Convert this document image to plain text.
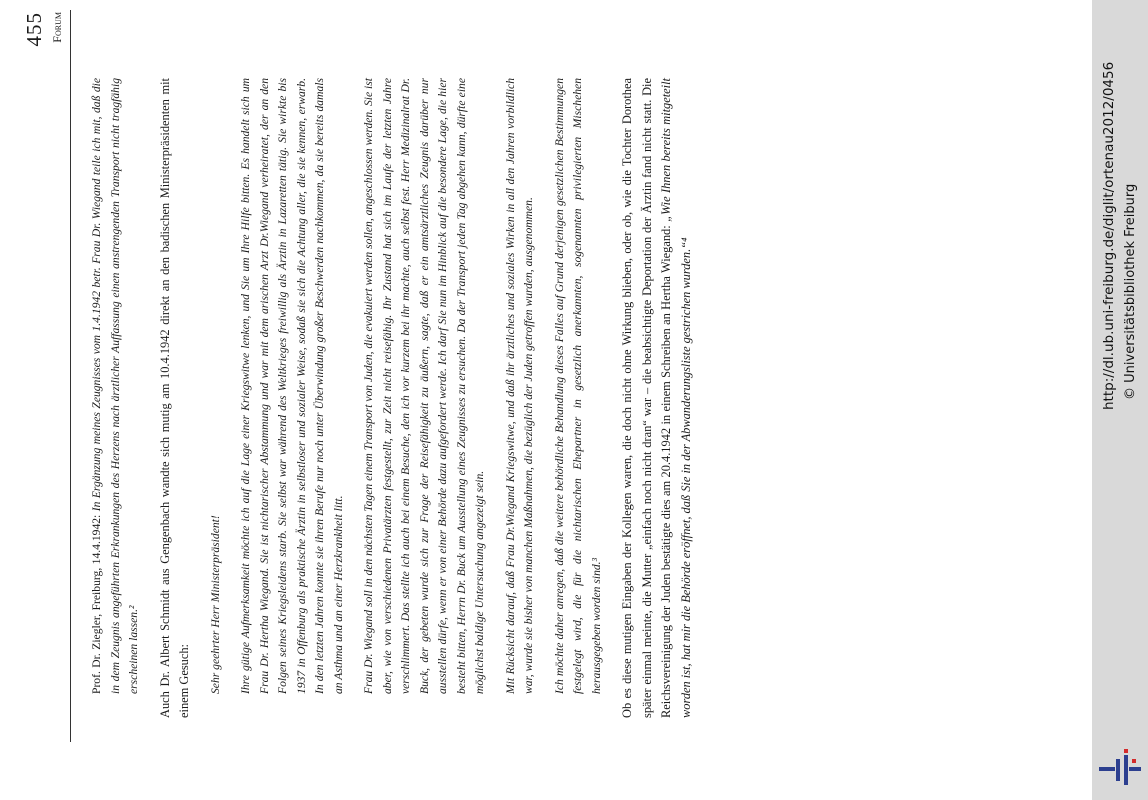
455 Forum

Prof. Dr. Ziegler, Freiburg, 14.4.1942: In Ergänzung meines Zeugnisses vom 1.4.1942 betr. Frau Dr. Wiegand teile ich mit, daß die in dem Zeugnis angeführten Erkrankungen des Herzens nach ärztlicher Auffassung einen anstrengenden Transport nicht tragfähig erscheinen lassen.² Auch Dr. Albert Schmidt aus Gengenbach wandte sich mutig am 10.4.1942 direkt an den badischen Ministerpräsidenten mit einem Gesuch:	Sehr geehrter Herr Ministerpräsident!	Ihre gütige Aufmerksamkeit möchte ich auf die Lage einer Kriegswitwe lenken, und Sie um Ihre Hilfe bitten. Es handelt sich um Frau Dr. Hertha Wiegand. Sie ist nichtarischer Abstammung und war mit dem arischen Arzt Dr.Wiegand verheiratet, der an den Folgen seines Kriegsleidens starb. Sie selbst war während des Weltkrieges freiwillig als Ärztin in Lazaretten tätig. Sie wirkte bis 1937 in Offenburg als praktische Ärztin in selbstloser und sozialer Weise, sodaß sie sich die Achtung aller, die sie kennen, erwarb. In den letzten Jahren konnte sie ihren Berufe nur noch unter Überwindung großer Beschwerden nachkommen, da sie bereits damals an Asthma und an einer Herzkrankheit litt.	Frau Dr. Wiegand soll in den nächsten Tagen einem Transport von Juden, die evakuiert werden sollen, angeschlossen werden. Sie ist aber, wie von verschiedenen Privatärzten festgestellt, zur Zeit nicht reisefähig. Ihr Zustand hat sich im Laufe der letzten Jahre verschlimmert. Das stellte ich auch bei einem Besuche, den ich vor kurzem bei ihr machte, auch selbst fest. Herr Medizinalrat Dr. Buck, der gebeten wurde sich zur Frage der Reisefähigkeit zu äußern, sagte, daß er ein amtsärztliches Zeugnis darüber nur ausstellen dürfe, wenn er von einer Behörde dazu aufgefordert werde. Ich darf Sie nun im Hinblick auf die besondere Lage, die hier besteht bitten, Herrn Dr. Buck um Ausstellung eines Zeugnisses zu ersuchen. Da der Transport jeden Tag abgehen kann, dürfte eine möglichst baldige Untersuchung angezeigt sein.	Mit Rücksicht darauf, daß Frau Dr.Wiegand Kriegswitwe, und daß ihr ärztliches und soziales Wirken in all den Jahren vorbildlich war, wurde sie bisher von manchen Maßnahmen, die bezüglich der Juden getroffen wurden, ausgenommen.	Ich möchte daher anregen, daß die weitere behördliche Behandlung dieses Falles auf Grund derjenigen gesetzlichen Bestimmungen festgelegt wird, die für die nichtarischen Ehepartner in gesetzlich anerkannten, sogenannten privilegierten Mischehen herausgegeben worden sind.³ Ob es diese mutigen Eingaben der Kollegen waren, die doch nicht ohne Wirkung blieben, oder ob, wie die Tochter Dorothea später einmal meinte, die Mutter „einfach noch nicht dran“ war – die beabsichtigte Deportation der Ärztin fand nicht statt. Die Reichsvereinigung der Juden bestätigte dies am 20.4.1942 in einem Schreiben an Hertha Wiegand: „Wie Ihnen bereits mitgeteilt worden ist, hat mir die Behörde eröffnet, daß Sie in der Abwanderungsliste gestrichen wurden.“⁴

http://dl.ub.uni-freiburg.de/diglit/ortenau2012/0456 © Universitätsbibliothek Freiburg
